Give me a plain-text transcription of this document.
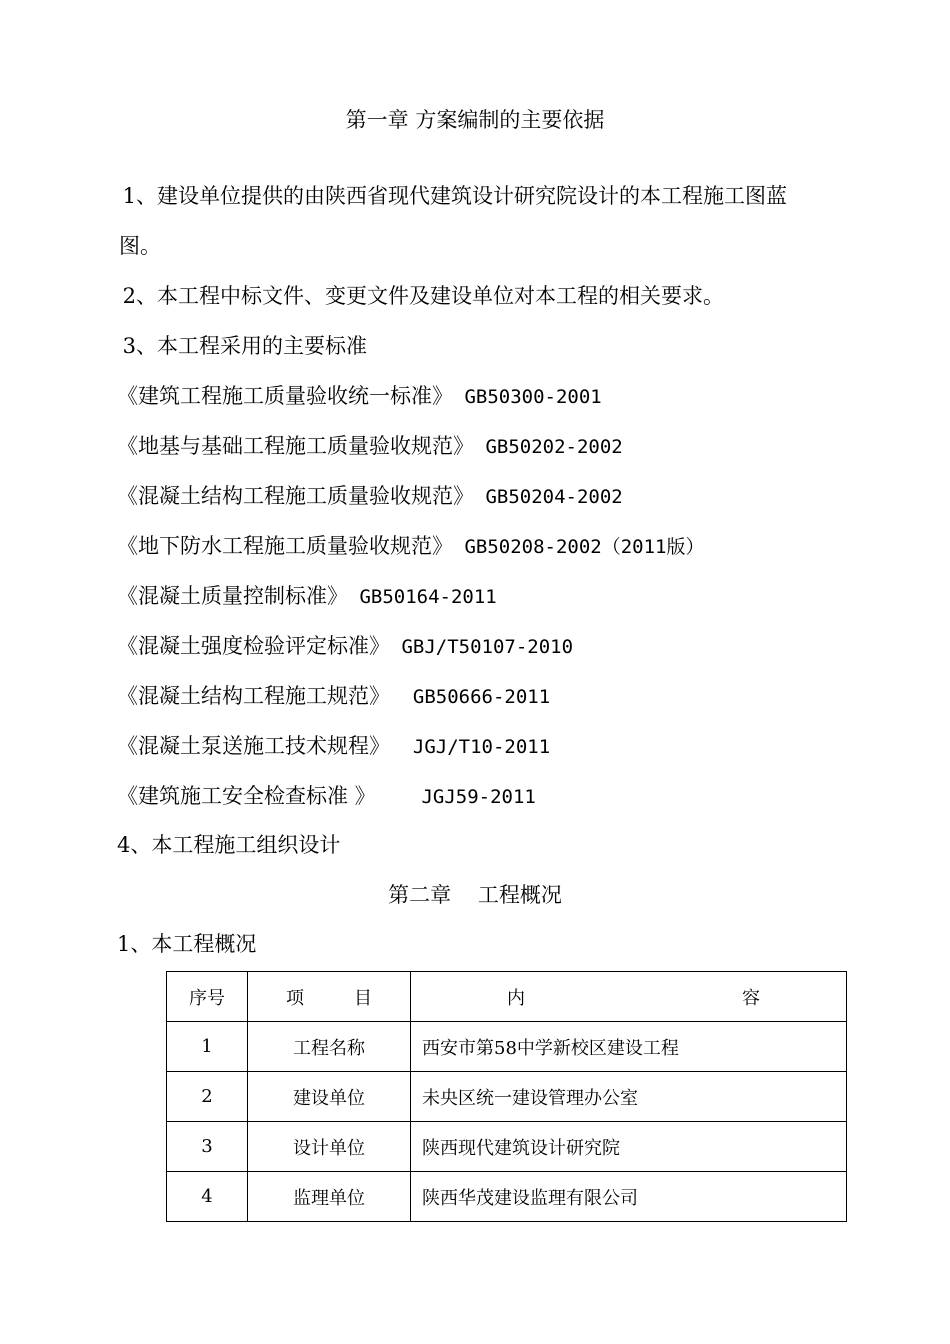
第一章 方案编制的主要依据
1、建设单位提供的由陕西省现代建筑设计研究院设计的本工程施工图蓝
图。
2、本工程中标文件、变更文件及建设单位对本工程的相关要求。
3、本工程采用的主要标准
《建筑工程施工质量验收统一标准》 GB50300-2001
《地基与基础工程施工质量验收规范》 GB50202-2002
《混凝土结构工程施工质量验收规范》 GB50204-2002
《地下防水工程施工质量验收规范》 GB50208-2002（2011版）
《混凝土质量控制标准》 GB50164-2011
《混凝土强度检验评定标准》 GBJ/T50107-2010
《混凝土结构工程施工规范》  GB50666-2011
《混凝土泵送施工技术规程》  JGJ/T10-2011
《建筑施工安全检查标准 》    JGJ59-2011
4、本工程施工组织设计
第二章    工程概况
1、本工程概况
序号	项 目	内 容

1	工程名称	西安市第58中学新校区建设工程
2	建设单位	未央区统一建设管理办公室
3	设计单位	陕西现代建筑设计研究院
4	监理单位	陕西华茂建设监理有限公司
